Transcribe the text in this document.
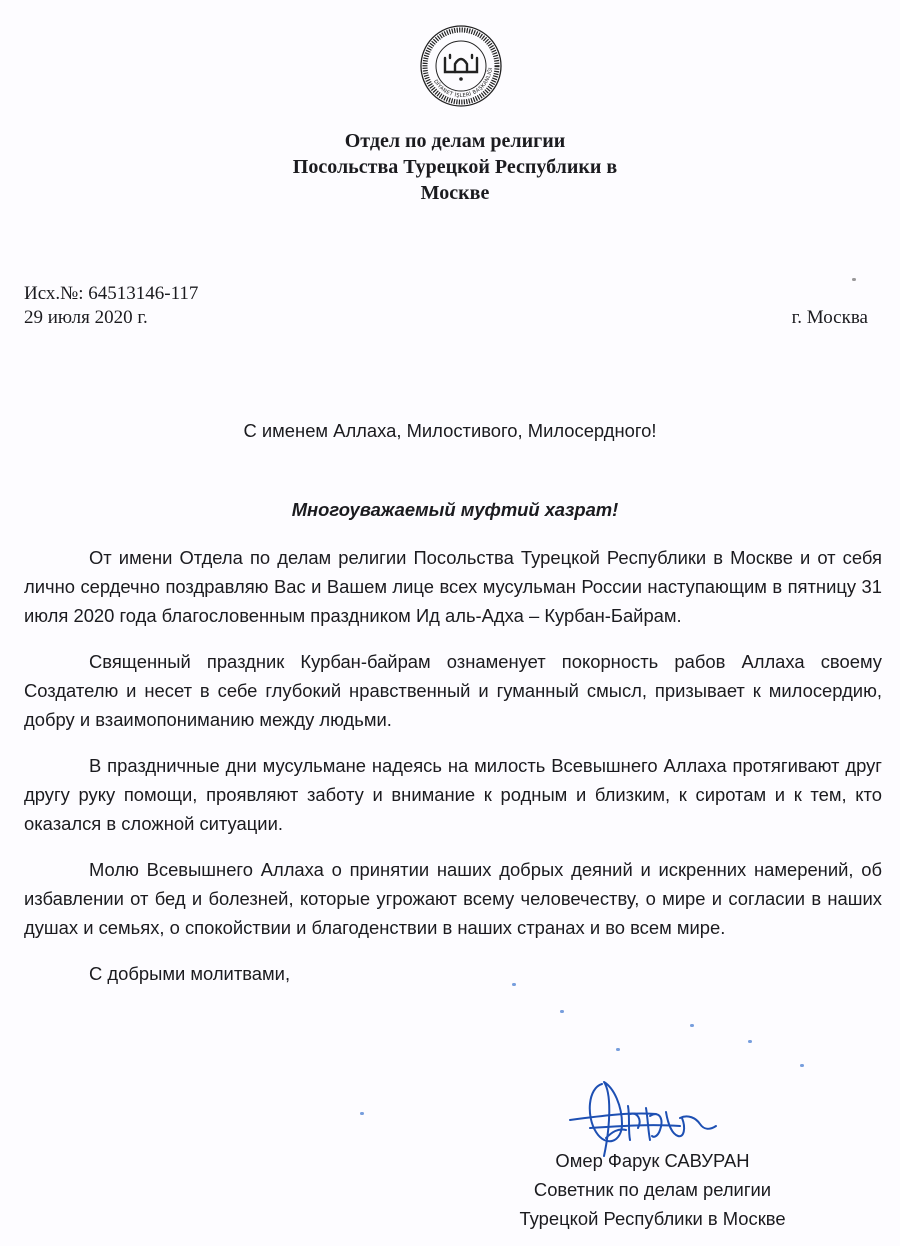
DİYANET İŞLERİ BAŞKANLIĞI
Отдел по делам религии
Посольства Турецкой Республики в
Москве
Исх.№: 64513146-117
29 июля 2020 г.	г. Москва
С именем Аллаха, Милостивого, Милосердного!
Многоуважаемый муфтий хазрат!

От имени Отдела по делам религии Посольства Турецкой Республики в Москве и от себя лично сердечно поздравляю Вас и Вашем лице всех мусульман России наступающим в пятницу 31 июля 2020 года благословенным праздником Ид аль-Адха – Курбан-Байрам.

Священный праздник Курбан-байрам ознаменует покорность рабов Аллаха своему Создателю и несет в себе глубокий нравственный и гуманный смысл, призывает к милосердию, добру и взаимопониманию между людьми.

В праздничные дни мусульмане надеясь на милость Всевышнего Аллаха протягивают друг другу руку помощи, проявляют заботу и внимание к родным и близким, к сиротам и к тем, кто оказался в сложной ситуации.

Молю Всевышнего Аллаха о принятии наших добрых деяний и искренних намерений, об избавлении от бед и болезней, которые угрожают всему человечеству, о мире и согласии в наших душах и семьях, о спокойствии и благоденствии в наших странах и во всем мире.

С добрыми молитвами,

Омер Фарук САВУРАН
Советник по делам религии
Турецкой Республики в Москве
